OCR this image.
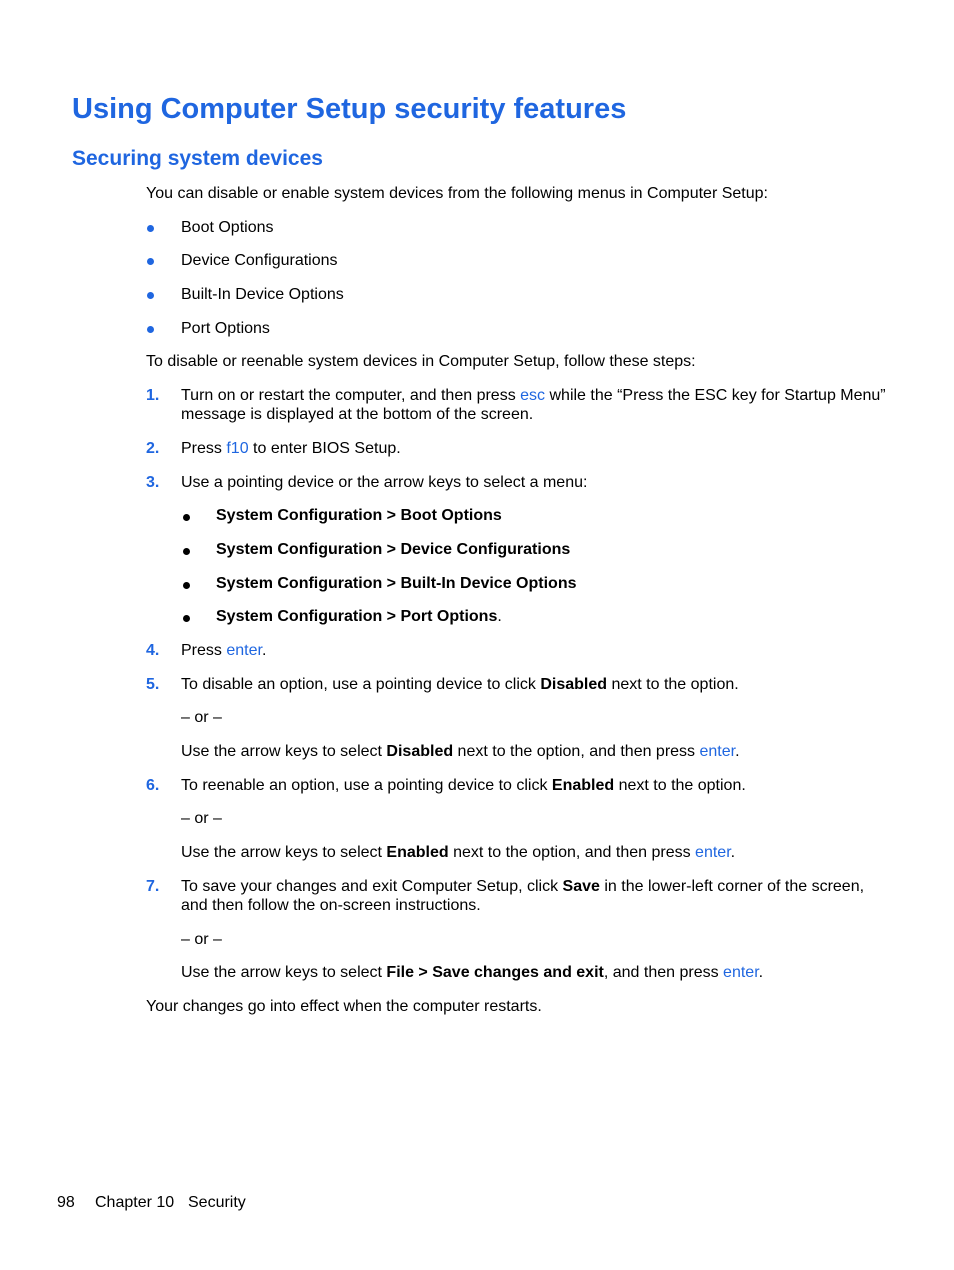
Using Computer Setup security features
Securing system devices

You can disable or enable system devices from the following menus in Computer Setup:

Boot Options

Device Configurations

Built-In Device Options

Port Options

To disable or reenable system devices in Computer Setup, follow these steps:

1. Turn on or restart the computer, and then press esc while the “Press the ESC key for Startup Menu”

message is displayed at the bottom of the screen.

2. Press f10 to enter BIOS Setup.

3. Use a pointing device or the arrow keys to select a menu:

System Configuration > Boot Options

System Configuration > Device Configurations

System Configuration > Built-In Device Options

System Configuration > Port Options.

4. Press enter.

5. To disable an option, use a pointing device to click Disabled next to the option.

– or –

Use the arrow keys to select Disabled next to the option, and then press enter.

6. To reenable an option, use a pointing device to click Enabled next to the option.

– or –

Use the arrow keys to select Enabled next to the option, and then press enter.

7. To save your changes and exit Computer Setup, click Save in the lower-left corner of the screen,

and then follow the on-screen instructions.

– or –

Use the arrow keys to select File > Save changes and exit, and then press enter.

Your changes go into effect when the computer restarts.

98 Chapter 10 Security
